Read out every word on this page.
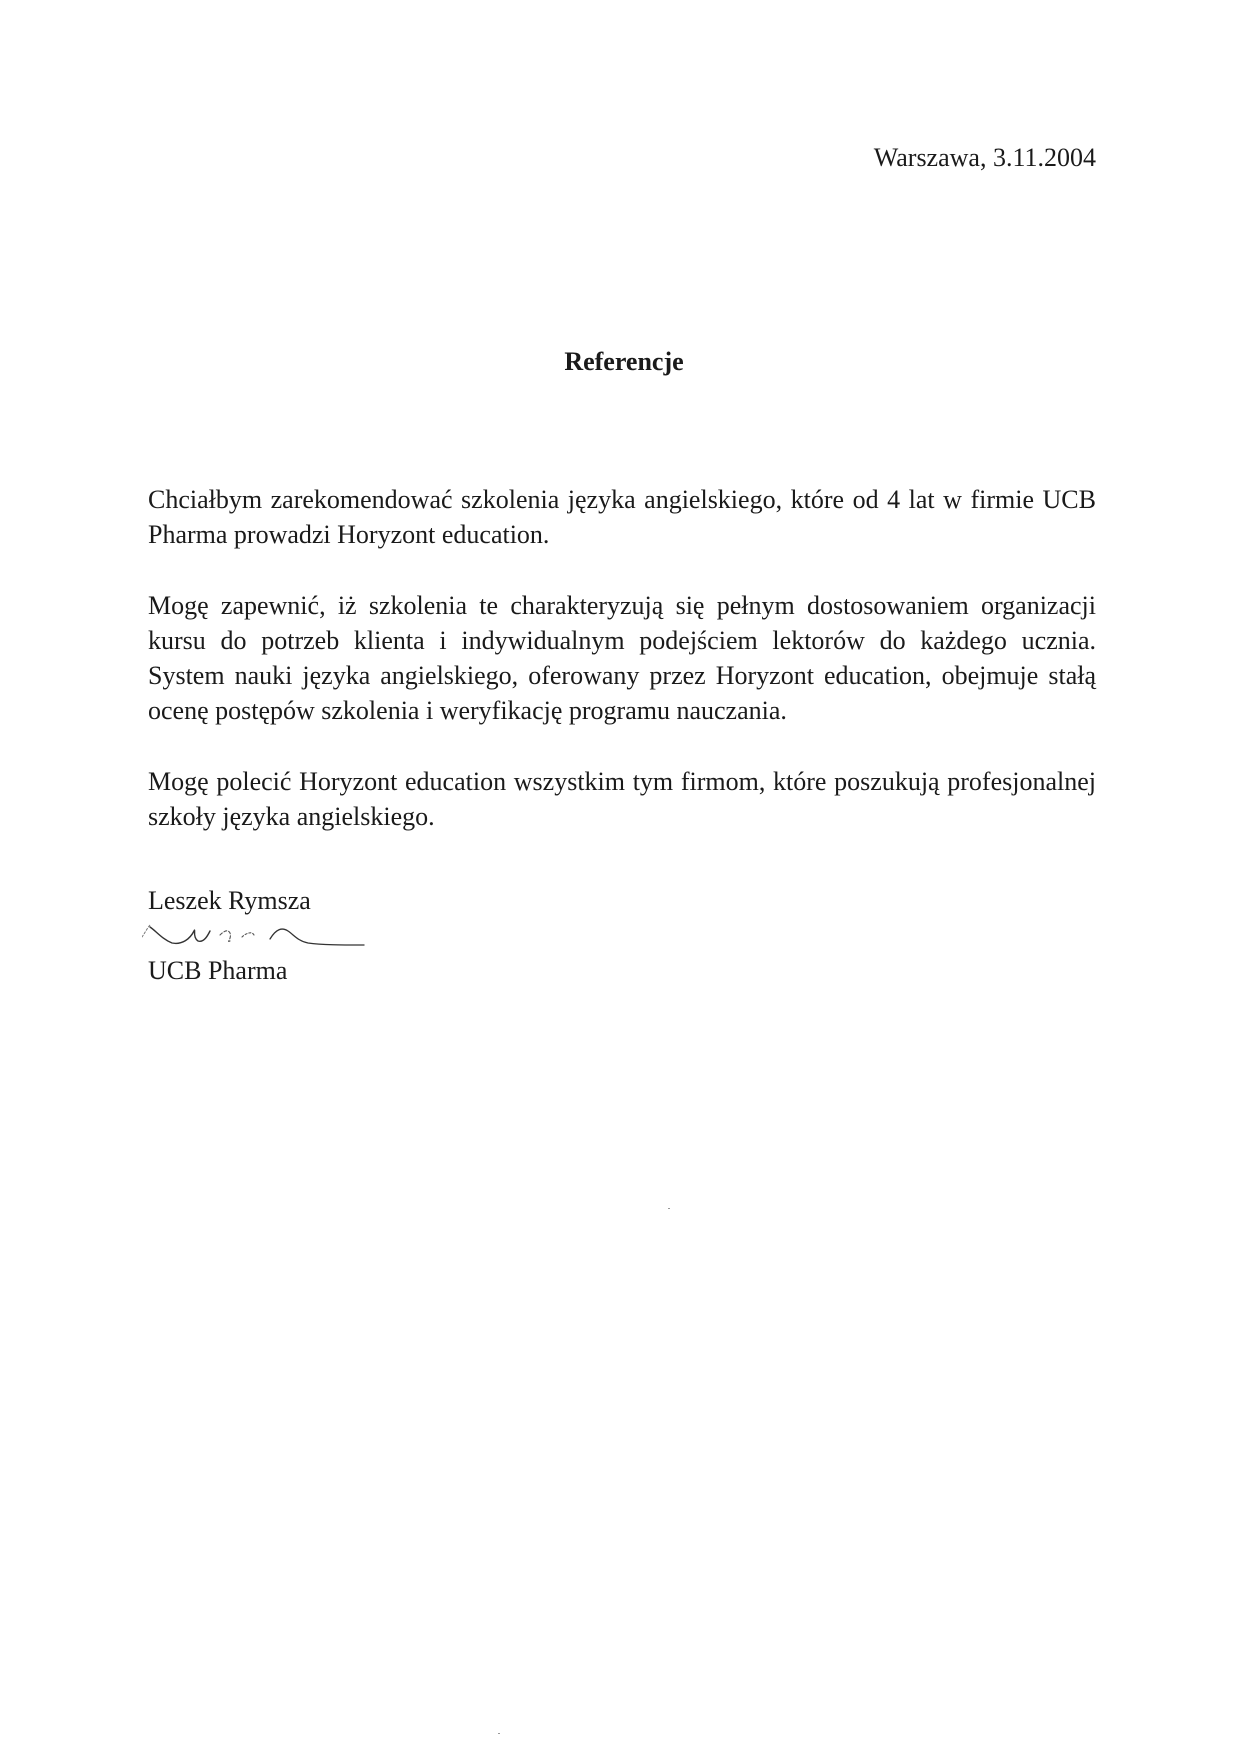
Warszawa, 3.11.2004
Referencje

Chciałbym zarekomendować szkolenia języka angielskiego, które od 4 lat w firmie UCB Pharma prowadzi Horyzont education.

Mogę zapewnić, iż szkolenia te charakteryzują się pełnym dostosowaniem organizacji kursu do potrzeb klienta i indywidualnym podejściem lektorów do każdego ucznia. System nauki języka angielskiego, oferowany przez Horyzont education, obejmuje stałą ocenę postępów szkolenia i weryfikację programu nauczania.

Mogę polecić Horyzont education wszystkim tym firmom, które poszukują profesjonalnej szkoły języka angielskiego.

Leszek Rymsza
UCB Pharma
